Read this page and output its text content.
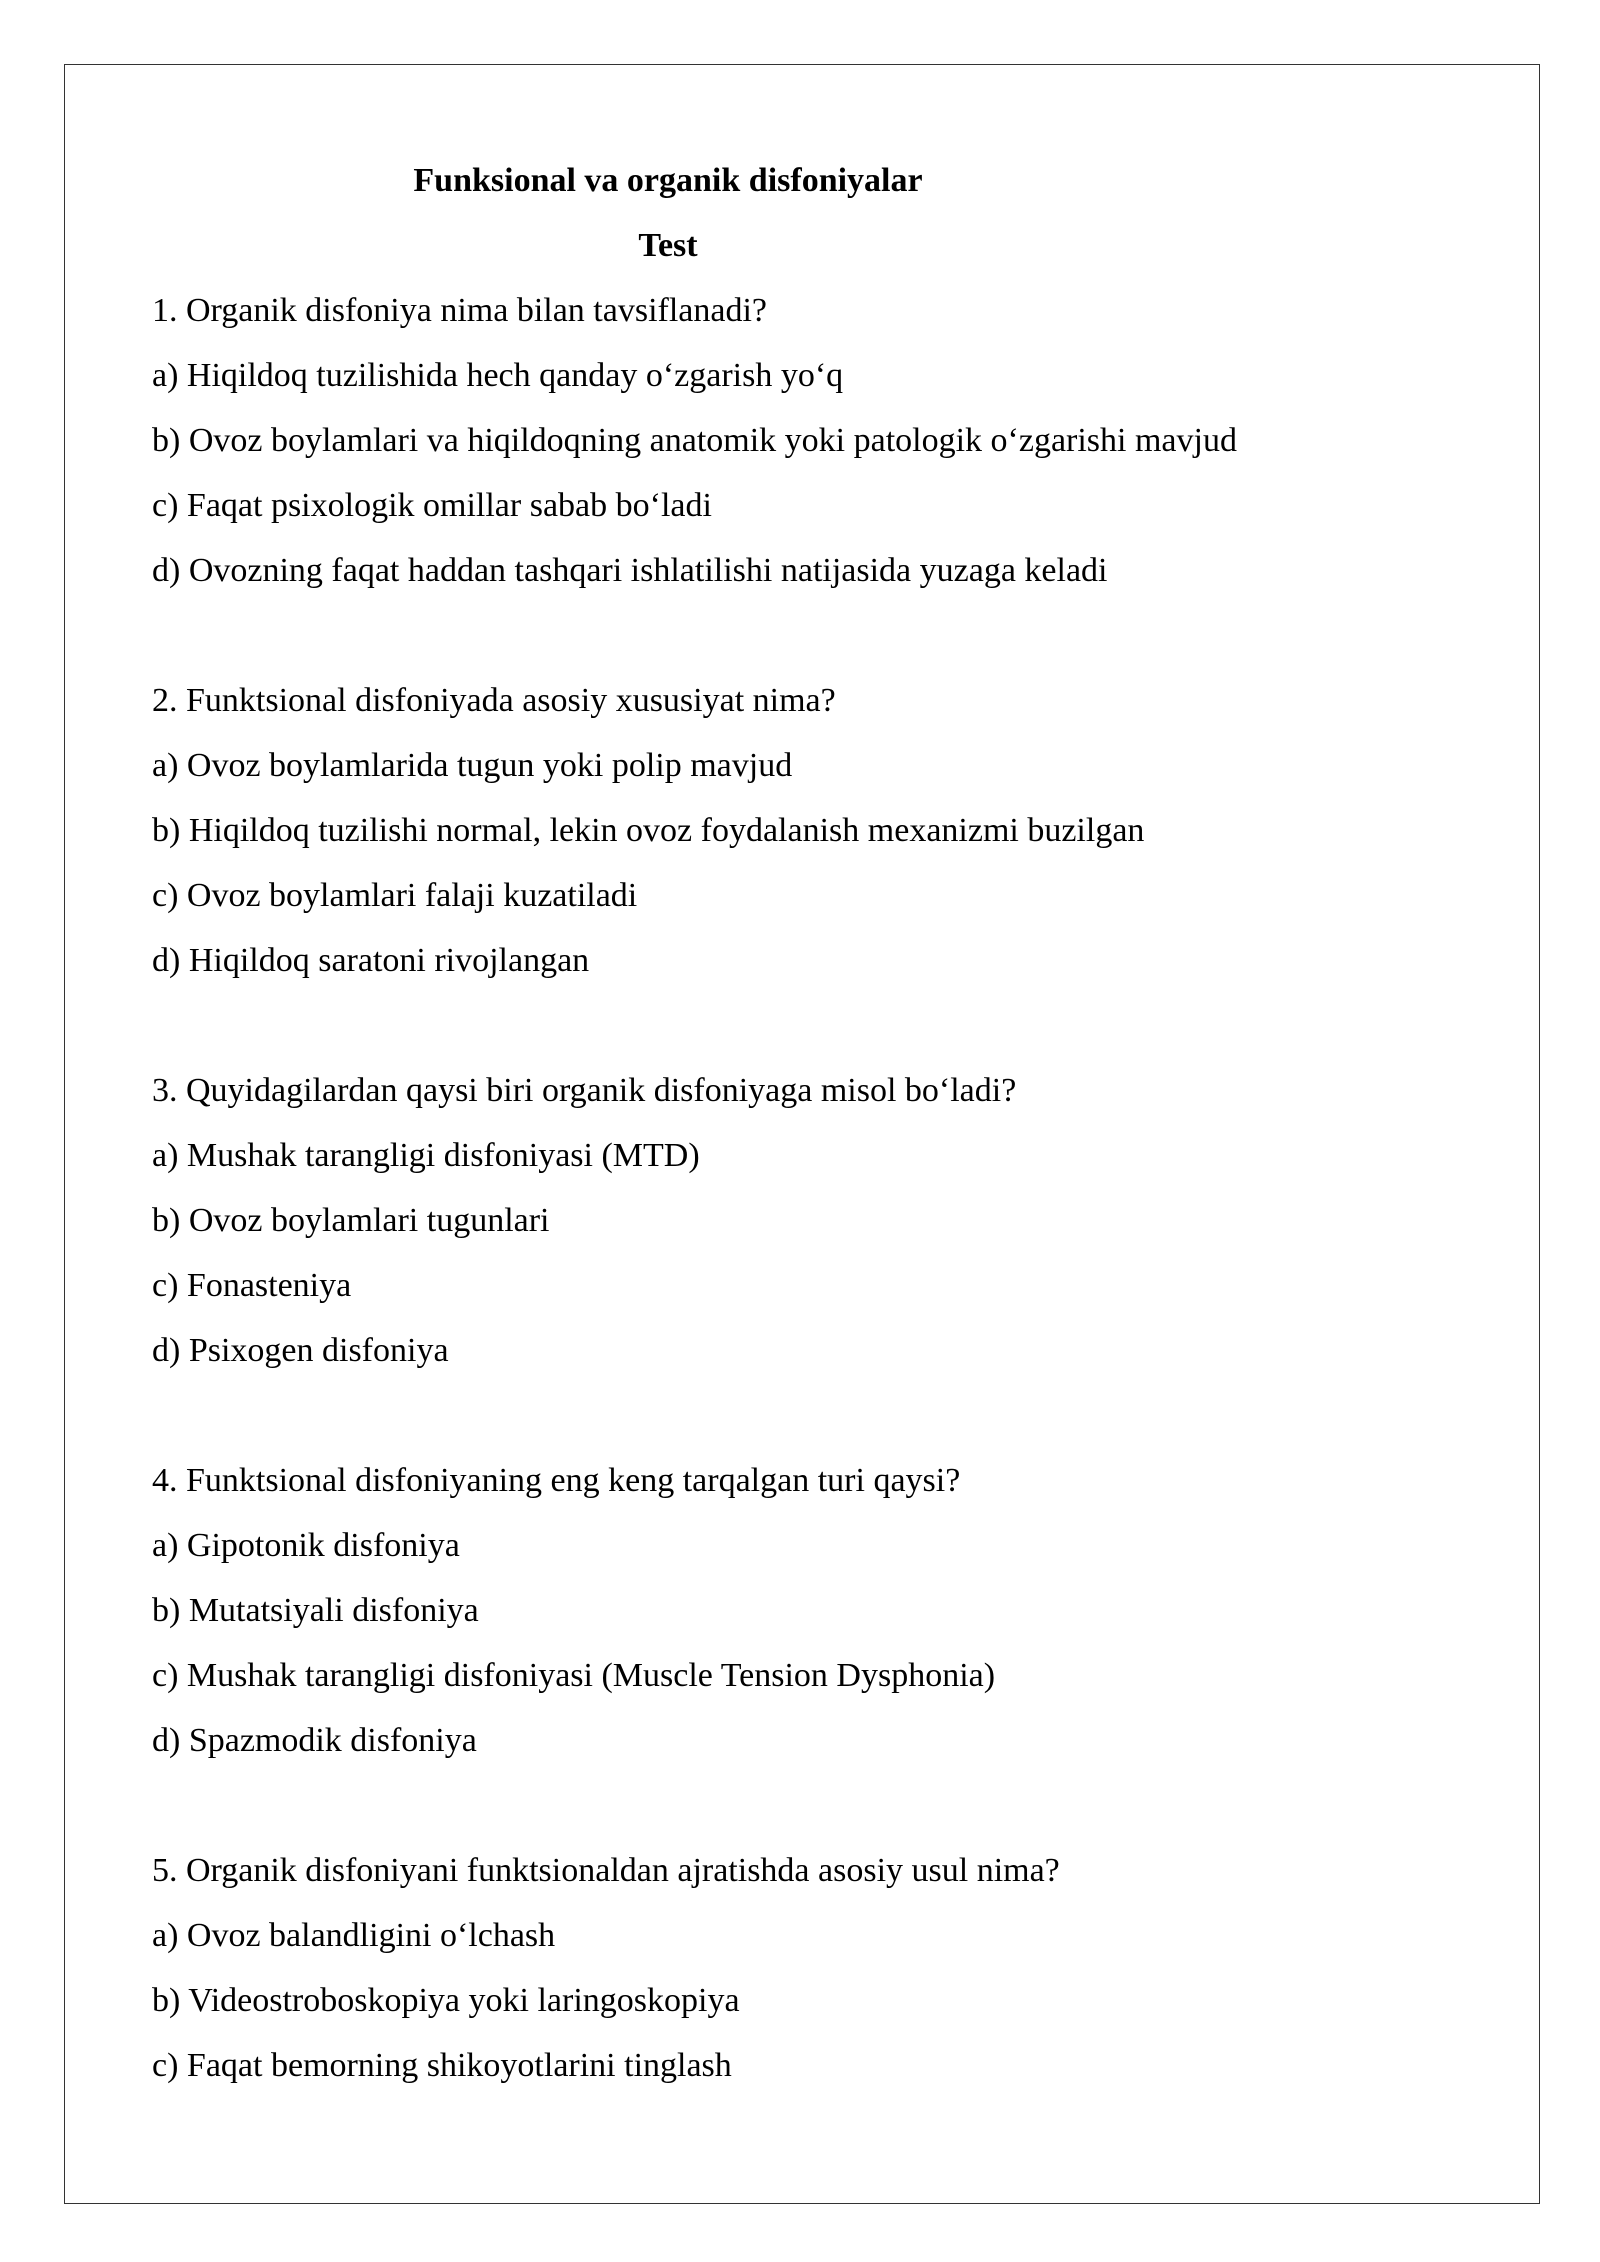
Funksional va organik disfoniyalar
Test
1. Organik disfoniya nima bilan tavsiflanadi?
a) Hiqildoq tuzilishida hech qanday o‘zgarish yo‘q
b) Ovoz boylamlari va hiqildoqning anatomik yoki patologik o‘zgarishi mavjud
c) Faqat psixologik omillar sabab bo‘ladi
d) Ovozning faqat haddan tashqari ishlatilishi natijasida yuzaga keladi
2. Funktsional disfoniyada asosiy xususiyat nima?
a) Ovoz boylamlarida tugun yoki polip mavjud
b) Hiqildoq tuzilishi normal, lekin ovoz foydalanish mexanizmi buzilgan
c) Ovoz boylamlari falaji kuzatiladi
d) Hiqildoq saratoni rivojlangan
3. Quyidagilardan qaysi biri organik disfoniyaga misol bo‘ladi?
a) Mushak tarangligi disfoniyasi (MTD)
b) Ovoz boylamlari tugunlari
c) Fonasteniya
d) Psixogen disfoniya
4. Funktsional disfoniyaning eng keng tarqalgan turi qaysi?
a) Gipotonik disfoniya
b) Mutatsiyali disfoniya
c) Mushak tarangligi disfoniyasi (Muscle Tension Dysphonia)
d) Spazmodik disfoniya
5. Organik disfoniyani funktsionaldan ajratishda asosiy usul nima?
a) Ovoz balandligini o‘lchash
b) Videostroboskopiya yoki laringoskopiya
c) Faqat bemorning shikoyotlarini tinglash
